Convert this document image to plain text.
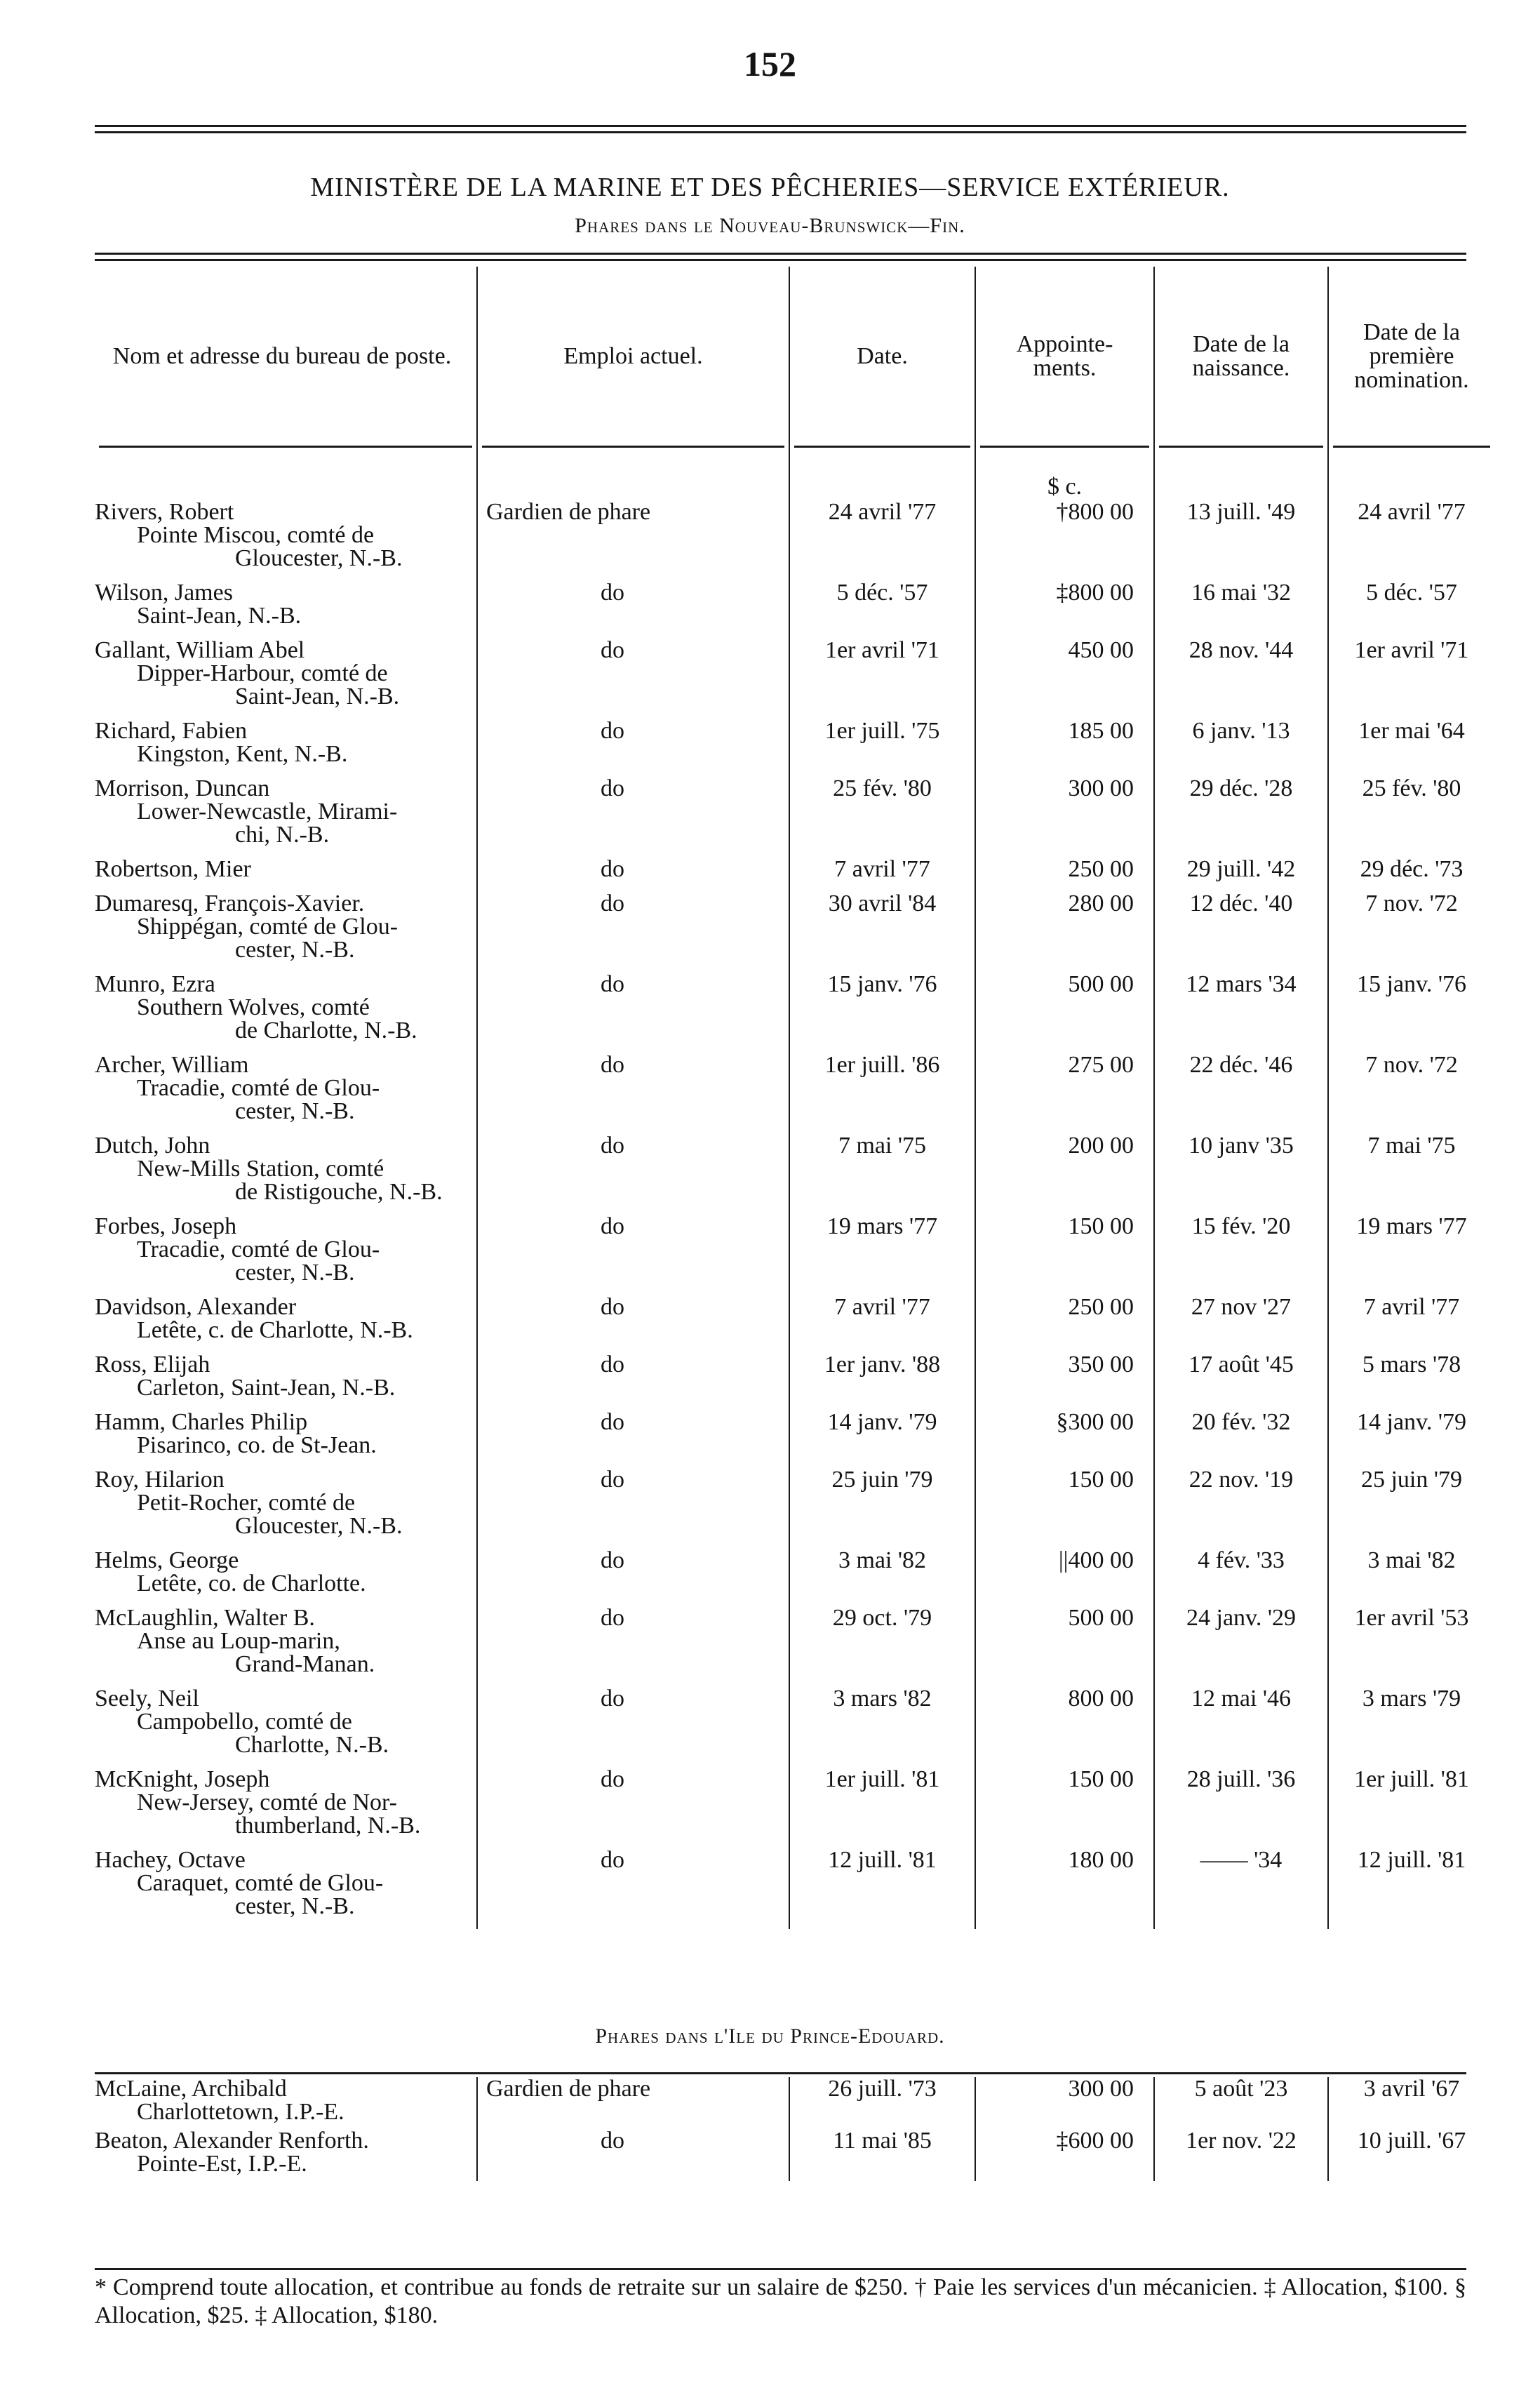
152
MINISTÈRE DE LA MARINE ET DES PÊCHERIES—SERVICE EXTÉRIEUR.
Phares dans le Nouveau-Brunswick—Fin.
Nom et adresse du bureau de poste.	Emploi actuel.	Date.	Appointe-ments.	Date de la naissance.	Date de la première nomination.

			$ c.		

Rivers, Robert
Pointe Miscou, comté de
Gloucester, N.-B.	Gardien de phare	24 avril '77	†800 00	13 juill. '49	24 avril '77

Wilson, James
Saint-Jean, N.-B.	do	5 déc. '57	‡800 00	16 mai '32	5 déc. '57

Gallant, William Abel
Dipper-Harbour, comté de
Saint-Jean, N.-B.	do	1er avril '71	450 00	28 nov. '44	1er avril '71

Richard, Fabien
Kingston, Kent, N.-B.	do	1er juill. '75	185 00	6 janv. '13	1er mai '64

Morrison, Duncan
Lower-Newcastle, Mirami-
chi, N.-B.	do	25 fév. '80	300 00	29 déc. '28	25 fév. '80

Robertson, Mier	do	7 avril '77	250 00	29 juill. '42	29 déc. '73

Dumaresq, François-Xavier.
Shippégan, comté de Glou-
cester, N.-B.	do	30 avril '84	280 00	12 déc. '40	7 nov. '72

Munro, Ezra
Southern Wolves, comté
de Charlotte, N.-B.	do	15 janv. '76	500 00	12 mars '34	15 janv. '76

Archer, William
Tracadie, comté de Glou-
cester, N.-B.	do	1er juill. '86	275 00	22 déc. '46	7 nov. '72

Dutch, John
New-Mills Station, comté
de Ristigouche, N.-B.	do	7 mai '75	200 00	10 janv '35	7 mai '75

Forbes, Joseph
Tracadie, comté de Glou-
cester, N.-B.	do	19 mars '77	150 00	15 fév. '20	19 mars '77

Davidson, Alexander
Letête, c. de Charlotte, N.-B.	do	7 avril '77	250 00	27 nov '27	7 avril '77

Ross, Elijah
Carleton, Saint-Jean, N.-B.	do	1er janv. '88	350 00	17 août '45	5 mars '78

Hamm, Charles Philip
Pisarinco, co. de St-Jean.	do	14 janv. '79	§300 00	20 fév. '32	14 janv. '79

Roy, Hilarion
Petit-Rocher, comté de
Gloucester, N.-B.	do	25 juin '79	150 00	22 nov. '19	25 juin '79

Helms, George
Letête, co. de Charlotte.	do	3 mai '82	||400 00	4 fév. '33	3 mai '82

McLaughlin, Walter B.
Anse au Loup-marin,
Grand-Manan.	do	29 oct. '79	500 00	24 janv. '29	1er avril '53

Seely, Neil
Campobello, comté de
Charlotte, N.-B.	do	3 mars '82	800 00	12 mai '46	3 mars '79

McKnight, Joseph
New-Jersey, comté de Nor-
thumberland, N.-B.	do	1er juill. '81	150 00	28 juill. '36	1er juill. '81

Hachey, Octave
Caraquet, comté de Glou-
cester, N.-B.	do	12 juill. '81	180 00	—— '34	12 juill. '81
Phares dans l'Ile du Prince-Edouard.
McLaine, Archibald
Charlottetown, I.P.-E.	Gardien de phare	26 juill. '73	300 00	5 août '23	3 avril '67

Beaton, Alexander Renforth.
Pointe-Est, I.P.-E.	do	11 mai '85	‡600 00	1er nov. '22	10 juill. '67
* Comprend toute allocation, et contribue au fonds de retraite sur un salaire de $250. † Paie les services d'un mécanicien. ‡ Allocation, $100. § Allocation, $25. ‡ Allocation, $180.
